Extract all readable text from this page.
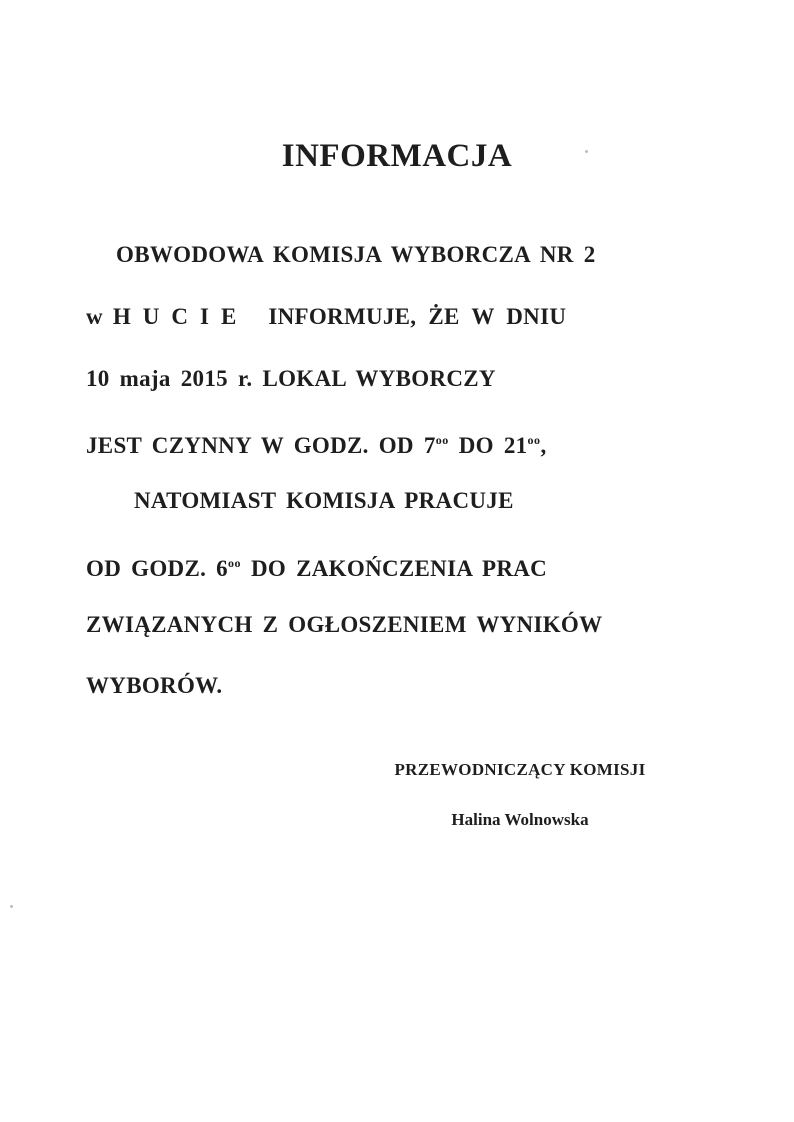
INFORMACJA

OBWODOWA KOMISJA WYBORCZA NR 2

w HUCIE INFORMUJE, ŻE W DNIU

10 maja 2015 r. LOKAL WYBORCZY

JEST CZYNNY W GODZ. OD $7^{oo}$ DO $21^{oo}$,

NATOMIAST KOMISJA PRACUJE

OD GODZ. $6^{oo}$ DO ZAKOŃCZENIA PRAC

ZWIĄZANYCH Z OGŁOSZENIEM WYNIKÓW

WYBORÓW.

PRZEWODNICZĄCY KOMISJI

Halina Wolnowska
